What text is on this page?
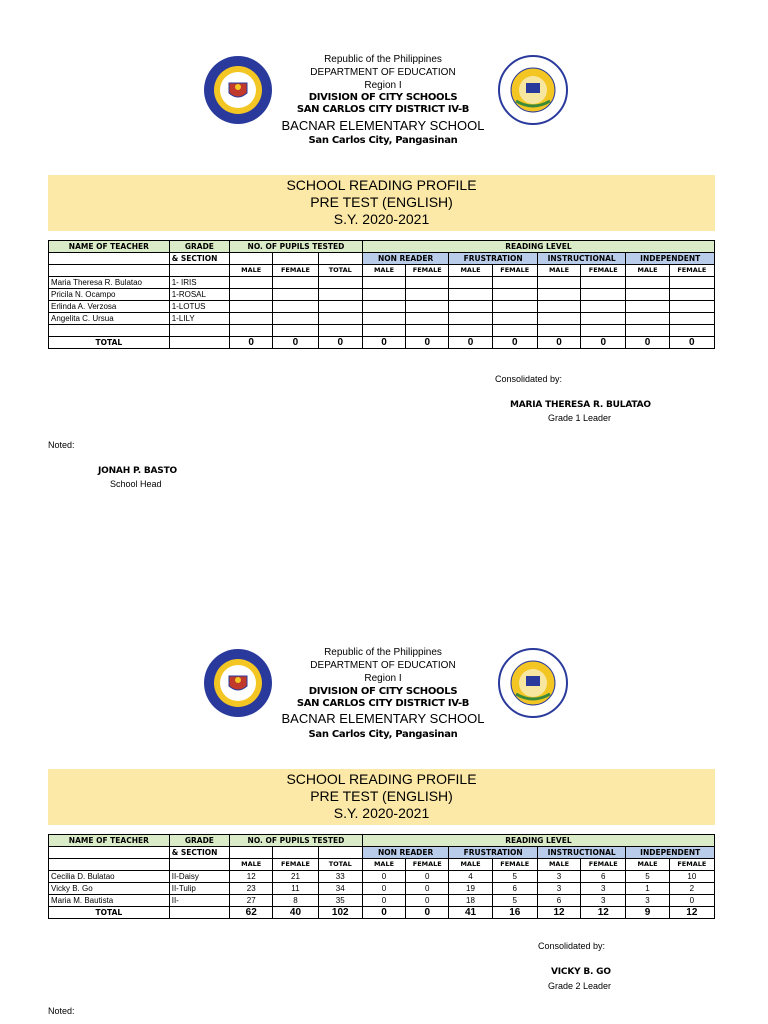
Republic of the Philippines
DEPARTMENT OF EDUCATION
Region I
DIVISION OF CITY SCHOOLS
SAN CARLOS CITY DISTRICT IV-B
BACNAR ELEMENTARY SCHOOL
San Carlos City, Pangasinan
SCHOOL READING PROFILE
PRE TEST (ENGLISH)
S.Y. 2020-2021
NAME OF TEACHER	GRADE	NO. OF PUPILS TESTED			READING LEVEL							
	& SECTION				NON READER		FRUSTRATION		INSTRUCTIONAL		INDEPENDENT	
		MALE	FEMALE	TOTAL	MALE	FEMALE	MALE	FEMALE	MALE	FEMALE	MALE	FEMALE
Maria Theresa R. Bulatao	1- IRIS											
Pricila N. Ocampo	1-ROSAL											
Erlinda A. Verzosa	1-LOTUS											
Angelita C. Ursua	1-LILY											

TOTAL		0	0	0	0	0	0	0	0	0	0	0
Consolidated by:
MARIA THERESA R. BULATAO
Grade 1 Leader
Noted:
JONAH P. BASTO
School Head
Republic of the Philippines
DEPARTMENT OF EDUCATION
Region I
DIVISION OF CITY SCHOOLS
SAN CARLOS CITY DISTRICT IV-B
BACNAR ELEMENTARY SCHOOL
San Carlos City, Pangasinan
SCHOOL READING PROFILE
PRE TEST (ENGLISH)
S.Y. 2020-2021
NAME OF TEACHER	GRADE	NO. OF PUPILS TESTED			READING LEVEL							
	& SECTION				NON READER		FRUSTRATION		INSTRUCTIONAL		INDEPENDENT	
		MALE	FEMALE	TOTAL	MALE	FEMALE	MALE	FEMALE	MALE	FEMALE	MALE	FEMALE
Cecilia D. Bulatao	II-Daisy	12	21	33	0	0	4	5	3	6	5	10
Vicky B. Go	II-Tulip	23	11	34	0	0	19	6	3	3	1	2
Maria M. Bautista	II-	27	8	35	0	0	18	5	6	3	3	0
TOTAL		62	40	102	0	0	41	16	12	12	9	12
Consolidated by:
VICKY B. GO
Grade 2 Leader
Noted:
